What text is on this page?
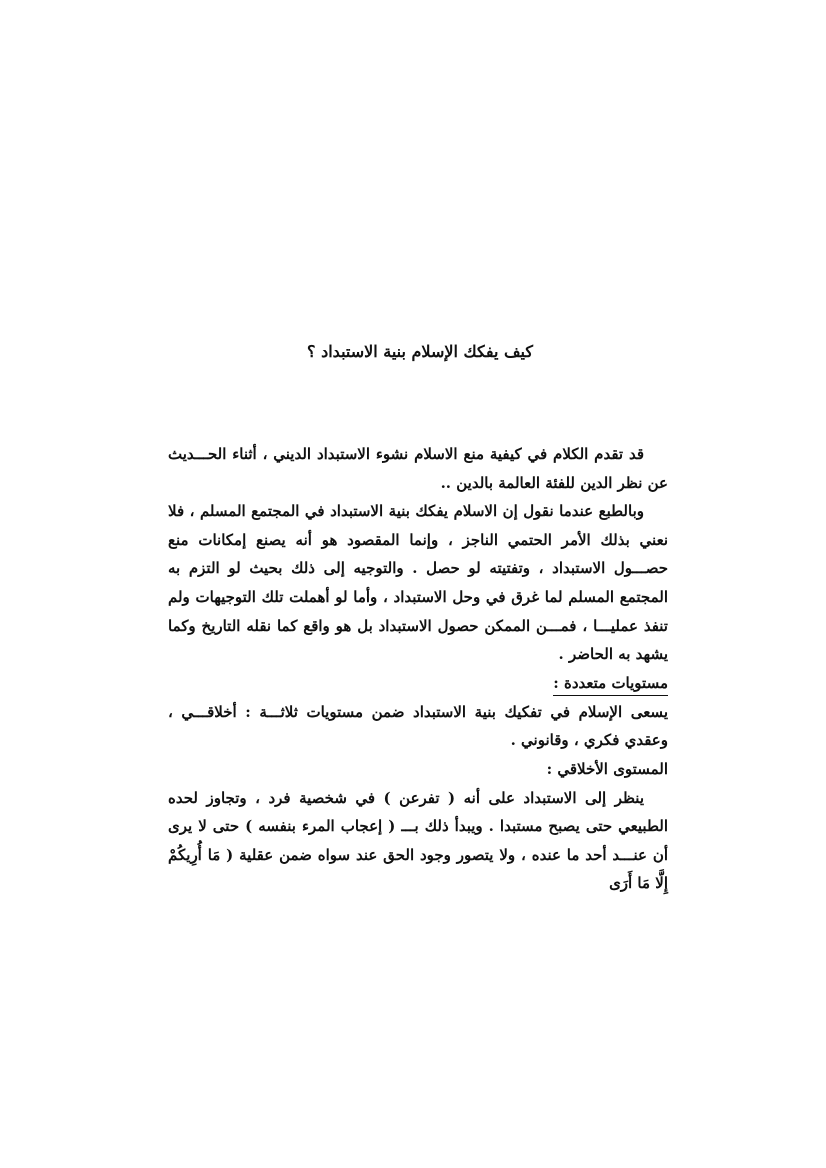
كيف يفكك الإسلام بنية الاستبداد ؟

قد تقدم الكلام في كيفية منع الاسلام نشوء الاستبداد الديني ، أثناء الحـــديث عن نظر الدين للفئة العالمة بالدين ..

وبالطبع عندما نقول إن الاسلام يفكك بنية الاستبداد في المجتمع المسلم ، فلا نعني بذلك الأمر الحتمي الناجز ، وإنما المقصود هو أنه يصنع إمكانات منع حصـــول الاستبداد ، وتفتيته لو حصل . والتوجيه إلى ذلك بحيث لو التزم به المجتمع المسلم لما غرق في وحل الاستبداد ، وأما لو أهملت تلك التوجيهات ولم تنفذ عمليـــا ، فمـــن الممكن حصول الاستبداد بل هو واقع كما نقله التاريخ وكما يشهد به الحاضر .

مستويات متعددة :

يسعى الإسلام في تفكيك بنية الاستبداد ضمن مستويات ثلاثـــة : أخلاقـــي ، وعقدي فكري ، وقانوني .

المستوى الأخلاقي :

ينظر إلى الاستبداد على أنه ( تفرعن ) في شخصية فرد ، وتجاوز لحده الطبيعي حتى يصبح مستبدا . ويبدأ ذلك بـــ ( إعجاب المرء بنفسه ) حتى لا يرى أن عنـــد أحد ما عنده ، ولا يتصور وجود الحق عند سواه ضمن عقلية ( مَا أُرِيكُمْ إِلَّا مَا أَرَى
